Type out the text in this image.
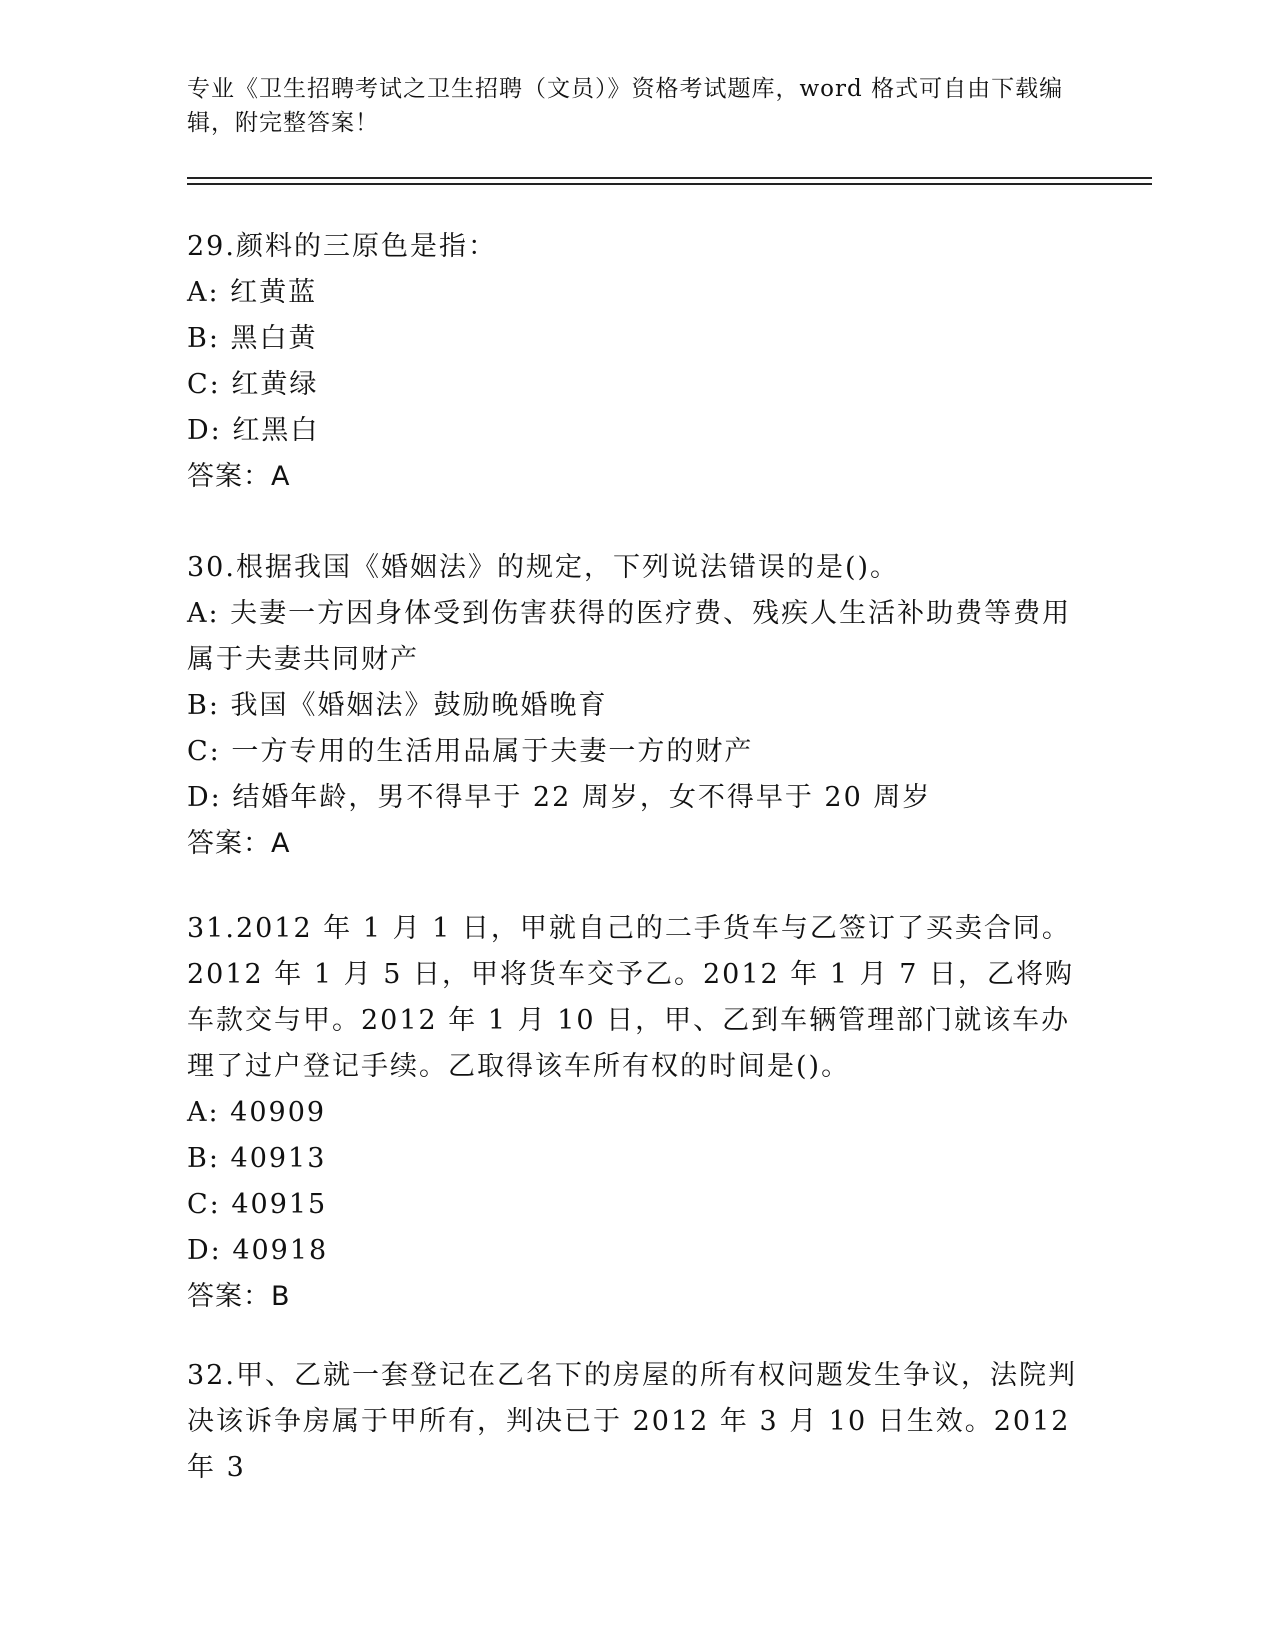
专业《卫生招聘考试之卫生招聘（文员）》资格考试题库，word 格式可自由下载编辑，附完整答案！

29.颜料的三原色是指：

A: 红黄蓝

B: 黑白黄

C: 红黄绿

D: 红黑白

答案：A

30.根据我国《婚姻法》的规定，下列说法错误的是()。

A: 夫妻一方因身体受到伤害获得的医疗费、残疾人生活补助费等费用属于夫妻共同财产

B: 我国《婚姻法》鼓励晚婚晚育

C: 一方专用的生活用品属于夫妻一方的财产

D: 结婚年龄，男不得早于 22 周岁，女不得早于 20 周岁

答案：A

31.2012 年 1 月 1 日，甲就自己的二手货车与乙签订了买卖合同。2012 年 1 月 5 日，甲将货车交予乙。2012 年 1 月 7 日，乙将购车款交与甲。2012 年 1 月 10 日，甲、乙到车辆管理部门就该车办理了过户登记手续。乙取得该车所有权的时间是()。

A: 40909

B: 40913

C: 40915

D: 40918

答案：B

32.甲、乙就一套登记在乙名下的房屋的所有权问题发生争议，法院判决该诉争房属于甲所有，判决已于 2012 年 3 月 10 日生效。2012 年 3
